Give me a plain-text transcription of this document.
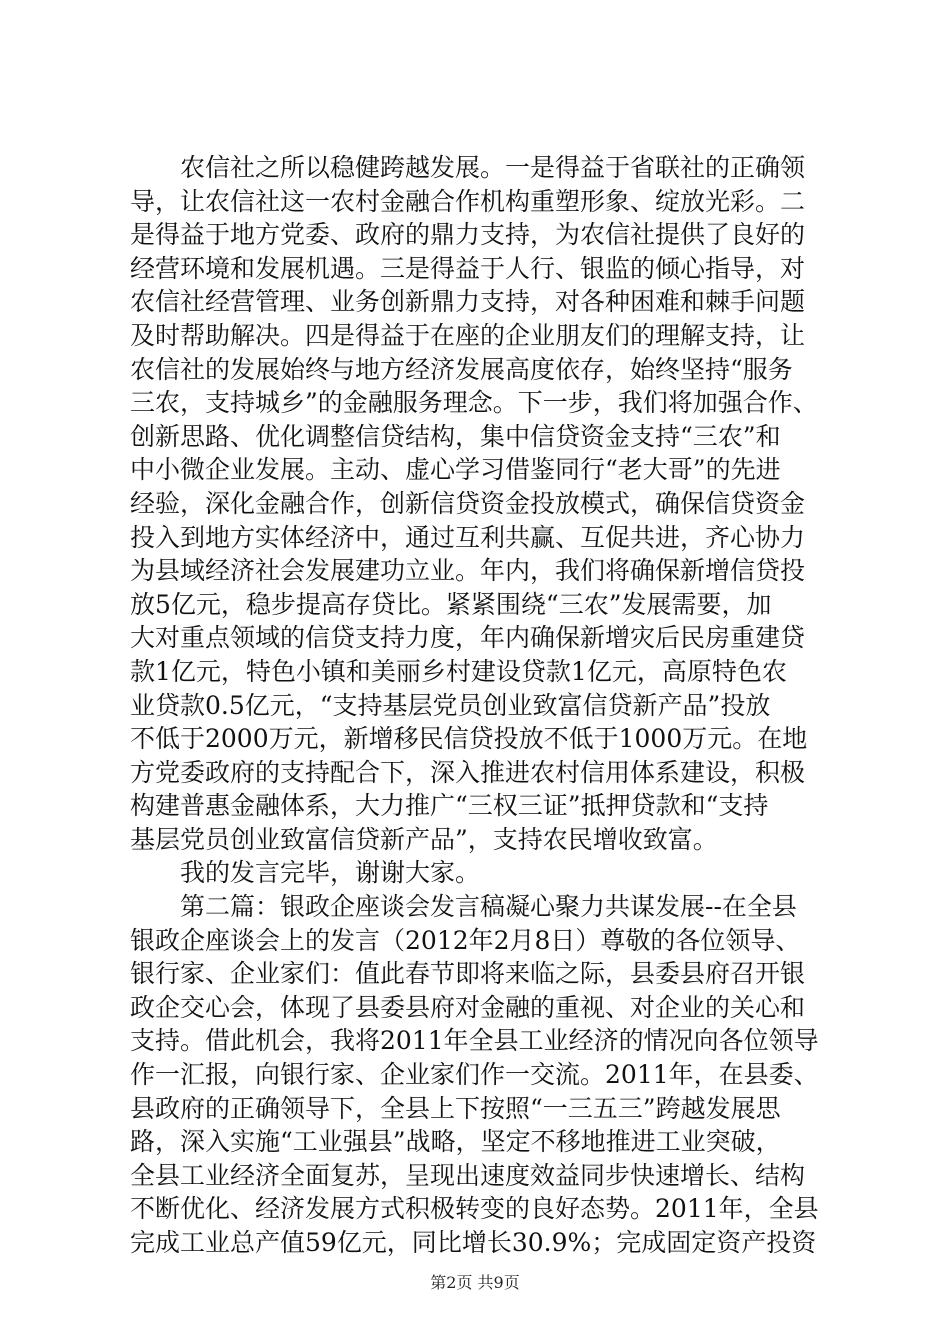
农信社之所以稳健跨越发展。一是得益于省联社的正确领
导，让农信社这一农村金融合作机构重塑形象、绽放光彩。二
是得益于地方党委、政府的鼎力支持，为农信社提供了良好的
经营环境和发展机遇。三是得益于人行、银监的倾心指导，对
农信社经营管理、业务创新鼎力支持，对各种困难和棘手问题
及时帮助解决。四是得益于在座的企业朋友们的理解支持，让
农信社的发展始终与地方经济发展高度依存，始终坚持“服务
三农，支持城乡”的金融服务理念。下一步，我们将加强合作、
创新思路、优化调整信贷结构，集中信贷资金支持“三农”和
中小微企业发展。主动、虚心学习借鉴同行“老大哥”的先进
经验，深化金融合作，创新信贷资金投放模式，确保信贷资金
投入到地方实体经济中，通过互利共赢、互促共进，齐心协力
为县域经济社会发展建功立业。年内，我们将确保新增信贷投
放5亿元，稳步提高存贷比。紧紧围绕“三农”发展需要，加
大对重点领域的信贷支持力度，年内确保新增灾后民房重建贷
款1亿元，特色小镇和美丽乡村建设贷款1亿元，高原特色农
业贷款0.5亿元，“支持基层党员创业致富信贷新产品”投放
不低于2000万元，新增移民信贷投放不低于1000万元。在地
方党委政府的支持配合下，深入推进农村信用体系建设，积极
构建普惠金融体系，大力推广“三权三证”抵押贷款和“支持
基层党员创业致富信贷新产品”，支持农民增收致富。
我的发言完毕，谢谢大家。
第二篇：银政企座谈会发言稿凝心聚力共谋发展--在全县
银政企座谈会上的发言（2012年2月8日）尊敬的各位领导、
银行家、企业家们：值此春节即将来临之际，县委县府召开银
政企交心会，体现了县委县府对金融的重视、对企业的关心和
支持。借此机会，我将2011年全县工业经济的情况向各位领导
作一汇报，向银行家、企业家们作一交流。2011年，在县委、
县政府的正确领导下，全县上下按照“一三五三”跨越发展思
路，深入实施“工业强县”战略，坚定不移地推进工业突破，
全县工业经济全面复苏，呈现出速度效益同步快速增长、结构
不断优化、经济发展方式积极转变的良好态势。2011年，全县
完成工业总产值59亿元，同比增长30.9%；完成固定资产投资
第2页 共9页
